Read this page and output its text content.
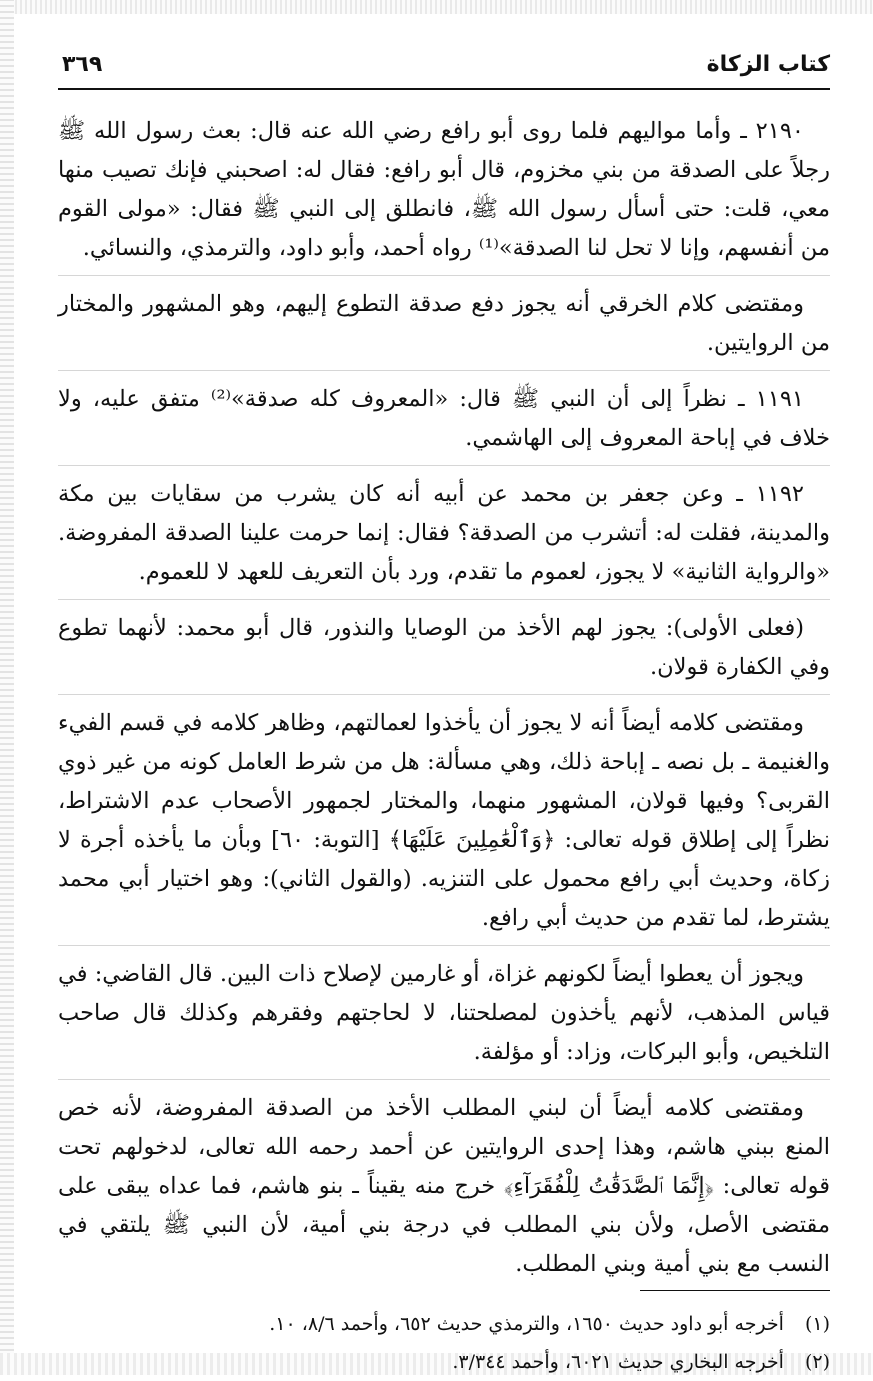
كتاب الزكاة
٣٦٩

٢١٩٠ ـ وأما مواليهم فلما روى أبو رافع رضي الله عنه قال: بعث رسول الله ﷺ رجلاً على الصدقة من بني مخزوم، قال أبو رافع: فقال له: اصحبني فإنك تصيب منها معي، قلت: حتى أسأل رسول الله ﷺ، فانطلق إلى النبي ﷺ فقال: «مولى القوم من أنفسهم، وإنا لا تحل لنا الصدقة»⁽¹⁾ رواه أحمد، وأبو داود، والترمذي، والنسائي.

ومقتضى كلام الخرقي أنه يجوز دفع صدقة التطوع إليهم، وهو المشهور والمختار من الروايتين.

١١٩١ ـ نظراً إلى أن النبي ﷺ قال: «المعروف كله صدقة»⁽²⁾ متفق عليه، ولا خلاف في إباحة المعروف إلى الهاشمي.

١١٩٢ ـ وعن جعفر بن محمد عن أبيه أنه كان يشرب من سقايات بين مكة والمدينة، فقلت له: أتشرب من الصدقة؟ فقال: إنما حرمت علينا الصدقة المفروضة. «والرواية الثانية» لا يجوز، لعموم ما تقدم، ورد بأن التعريف للعهد لا للعموم.

(فعلى الأولى): يجوز لهم الأخذ من الوصايا والنذور، قال أبو محمد: لأنهما تطوع وفي الكفارة قولان.

ومقتضى كلامه أيضاً أنه لا يجوز أن يأخذوا لعمالتهم، وظاهر كلامه في قسم الفيء والغنيمة ـ بل نصه ـ إباحة ذلك، وهي مسألة: هل من شرط العامل كونه من غير ذوي القربى؟ وفيها قولان، المشهور منهما، والمختار لجمهور الأصحاب عدم الاشتراط، نظراً إلى إطلاق قوله تعالى: ﴿وَٱلْعَٰمِلِينَ عَلَيْهَا﴾ [التوبة: ٦٠] وبأن ما يأخذه أجرة لا زكاة، وحديث أبي رافع محمول على التنزيه. (والقول الثاني): وهو اختيار أبي محمد يشترط، لما تقدم من حديث أبي رافع.

ويجوز أن يعطوا أيضاً لكونهم غزاة، أو غارمين لإصلاح ذات البين. قال القاضي: في قياس المذهب، لأنهم يأخذون لمصلحتنا، لا لحاجتهم وفقرهم وكذلك قال صاحب التلخيص، وأبو البركات، وزاد: أو مؤلفة.

ومقتضى كلامه أيضاً أن لبني المطلب الأخذ من الصدقة المفروضة، لأنه خص المنع ببني هاشم، وهذا إحدى الروايتين عن أحمد رحمه الله تعالى، لدخولهم تحت قوله تعالى: ﴿إِنَّمَا ٱلصَّدَقَٰتُ لِلْفُقَرَآءِ﴾ خرج منه يقيناً ـ بنو هاشم، فما عداه يبقى على مقتضى الأصل، ولأن بني المطلب في درجة بني أمية، لأن النبي ﷺ يلتقي في النسب مع بني أمية وبني المطلب.

(١) أخرجه أبو داود حديث ١٦٥٠، والترمذي حديث ٦٥٢، وأحمد ٨/٦، ١٠.

(٢) أخرجه البخاري حديث ٦٠٢١، وأحمد ٣/٣٤٤.
